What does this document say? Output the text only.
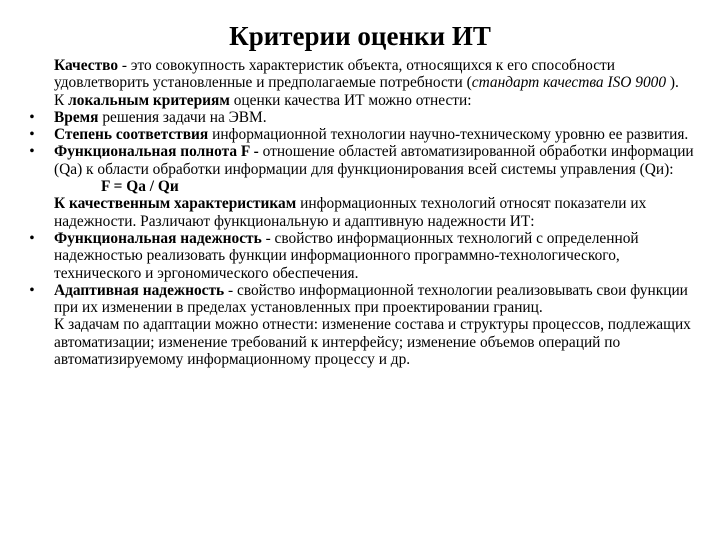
Критерии оценки ИТ

Качество - это совокупность характеристик объекта, относящихся к его способности удовлетворить установленные и предполагаемые потребности (стандарт качества ISO 9000 ).

К локальным критериям оценки качества ИТ можно отнести:

• Время решения задачи на ЭВМ.

• Степень соответствия информационной технологии научно-техническому уровню ее развития.

• Функциональная полнота F - отношение областей автоматизированной обработки информации (Qa) к области обработки информации для функционирования всей системы управления (Qи):

F = Qa / Qи

К качественным характеристикам информационных технологий относят показатели их надежности. Различают функциональную и адаптивную надежности ИТ:

• Функциональная надежность - свойство информационных технологий с определенной надежностью реализовать функции информационного программно-технологического, технического и эргономического обеспечения.

• Адаптивная надежность - свойство информационной технологии реализовывать свои функции при их изменении в пределах установленных при проектировании границ.

К задачам по адаптации можно отнести: изменение состава и структуры процессов, подлежащих автоматизации; изменение требований к интерфейсу; изменение объемов операций по автоматизируемому информационному процессу и др.
